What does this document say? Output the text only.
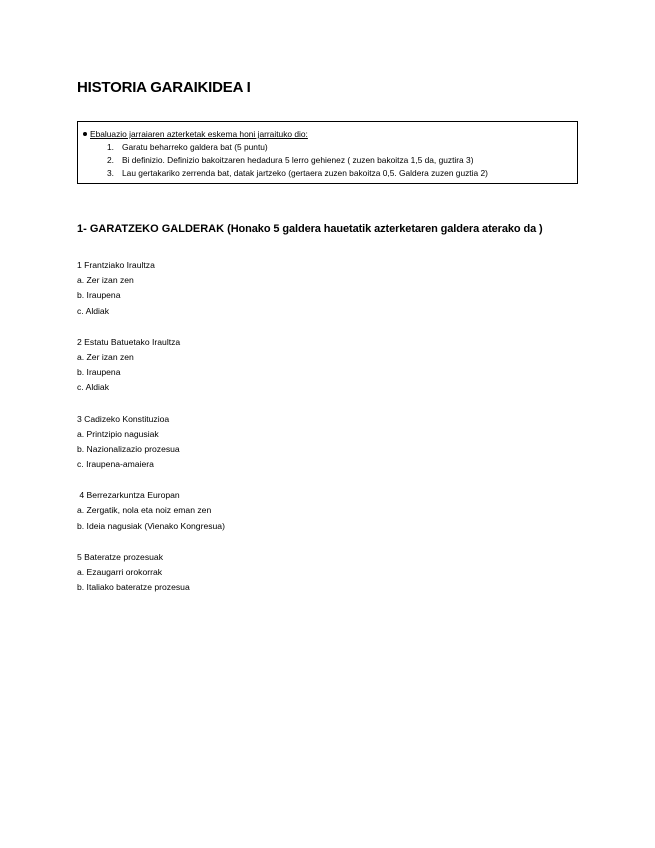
HISTORIA GARAIKIDEA I
Ebaluazio jarraiaren azterketak eskema honi jarraituko dio:
1. Garatu beharreko galdera bat (5 puntu)
2. Bi definizio. Definizio bakoitzaren hedadura 5 lerro gehienez ( zuzen bakoitza 1,5 da, guztira 3)
3. Lau gertakariko zerrenda bat, datak jartzeko (gertaera zuzen bakoitza 0,5. Galdera zuzen guztia 2)
1- GARATZEKO GALDERAK (Honako 5 galdera hauetatik azterketaren galdera aterako da )
1 Frantziako Iraultza
a. Zer izan zen
b. Iraupena
c. Aldiak
2 Estatu Batuetako Iraultza
a. Zer izan zen
b. Iraupena
c. Aldiak
3 Cadizeko Konstituzioa
a. Printzipio nagusiak
b. Nazionalizazio prozesua
c. Iraupena-amaiera
4 Berrezarkuntza Europan
a. Zergatik, nola eta noiz eman zen
b. Ideia nagusiak (Vienako Kongresua)
5 Bateratze prozesuak
a. Ezaugarri orokorrak
b. Italiako bateratze prozesua
